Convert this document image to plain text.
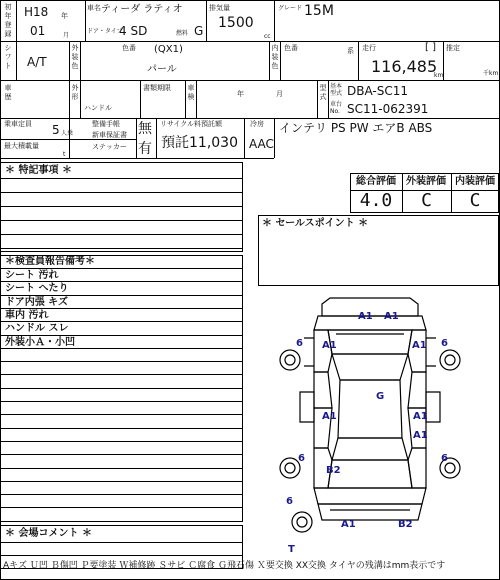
初年登録
H18 年
01	月
車名 ティーダ ラティオ
ドア・タイプ
4 SD	燃料 G
排気量
1500
cc
グレード 15M
シフト A/T
外装色
色番 (QX1)
パール
内装色
色番	系 走行	[ ]
116,485
km
推定
千km
車歴
外形
ハンドル
書類期限 車検	年	月
型式
基本型式 DBA-SC11
車台No. SC11-062391
乗車定員 5 人乗
最大積載量
t
整備手帳
新車保証書
ステッカー
無
有
リサイクル料預託額
預託11,030
冷房
AAC
インテリ PS PW エアB ABS
＊ 特記事項 ＊
＊検査員報告備考＊
シート 汚れ
シート へたり
ドア内張 キズ
車内 汚れ
ハンドル スレ
外装小Ａ・小凹
＊ 会場コメント ＊
総合評価 外装評価 内装評価
4.0	C	C
＊ セールスポイント ＊
A1 A1
6	6
A1
A1
A1
G
A1
A1
B2
6	6
6
A1	B2
T
Aキズ Ｕ凹 Ｂ傷凹 Ｐ要塗装 Ｗ補修跡 Ｓサビ Ｃ腐食 Ｇ飛石傷 Ｘ要交換 XX交換 タイヤの残溝はmm表示です
